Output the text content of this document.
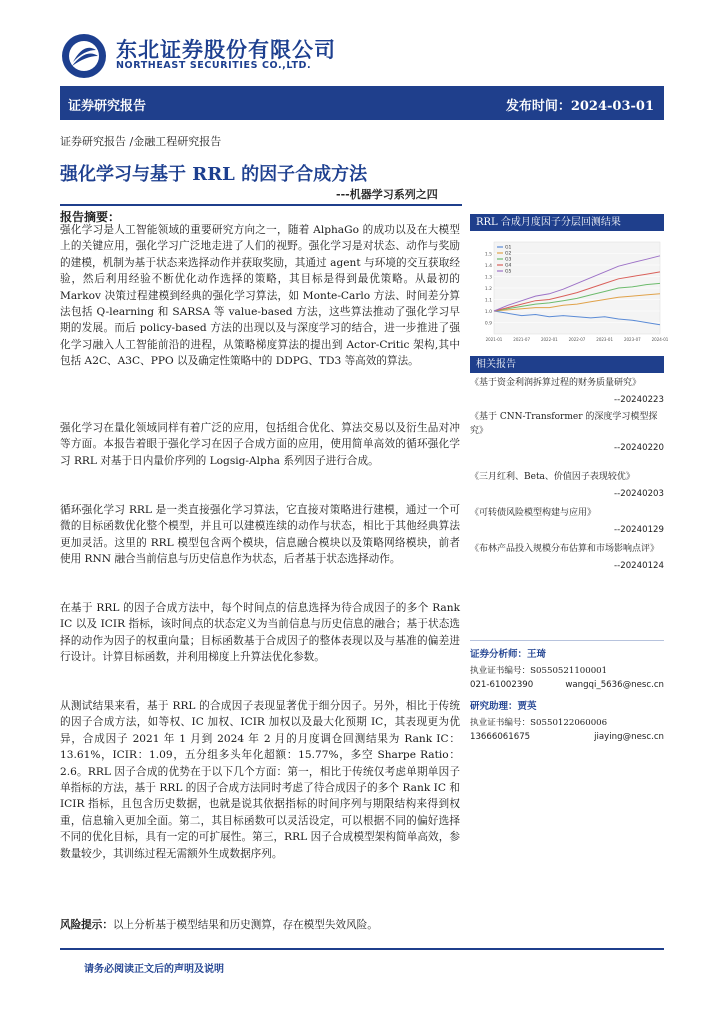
东北证券股份有限公司
NORTHEAST SECURITIES CO.,LTD.
证券研究报告	发布时间：2024-03-01
证券研究报告 /金融工程研究报告
强化学习与基于 RRL 的因子合成方法
---机器学习系列之四
报告摘要：

强化学习是人工智能领域的重要研究方向之一，随着 AlphaGo 的成功以及在大模型上的关键应用，强化学习广泛地走进了人们的视野。强化学习是对状态、动作与奖励的建模，机制为基于状态来选择动作并获取奖励，其通过 agent 与环境的交互获取经验，然后利用经验不断优化动作选择的策略，其目标是得到最优策略。从最初的 Markov 决策过程建模到经典的强化学习算法，如 Monte-Carlo 方法、时间差分算法包括 Q-learning 和 SARSA 等 value-based 方法，这些算法推动了强化学习早期的发展。而后 policy-based 方法的出现以及与深度学习的结合，进一步推进了强化学习融入人工智能前沿的进程，从策略梯度算法的提出到 Actor-Critic 架构,其中包括 A2C、A3C、PPO 以及确定性策略中的 DDPG、TD3 等高效的算法。

强化学习在量化领域同样有着广泛的应用，包括组合优化、算法交易以及衍生品对冲等方面。本报告着眼于强化学习在因子合成方面的应用，使用简单高效的循环强化学习 RRL 对基于日内量价序列的 Logsig-Alpha 系列因子进行合成。

循环强化学习 RRL 是一类直接强化学习算法，它直接对策略进行建模，通过一个可微的目标函数优化整个模型，并且可以建模连续的动作与状态，相比于其他经典算法更加灵活。这里的 RRL 模型包含两个模块，信息融合模块以及策略网络模块，前者使用 RNN 融合当前信息与历史信息作为状态，后者基于状态选择动作。

在基于 RRL 的因子合成方法中，每个时间点的信息选择为待合成因子的多个 Rank IC 以及 ICIR 指标，该时间点的状态定义为当前信息与历史信息的融合；基于状态选择的动作为因子的权重向量；目标函数基于合成因子的整体表现以及与基准的偏差进行设计。计算目标函数，并利用梯度上升算法优化参数。

从测试结果来看，基于 RRL 的合成因子表现显著优于细分因子。另外，相比于传统的因子合成方法，如等权、IC 加权、ICIR 加权以及最大化预期 IC，其表现更为优异，合成因子 2021 年 1 月到 2024 年 2 月的月度调仓回测结果为 Rank IC：13.61%，ICIR：1.09，五分组多头年化超额：15.77%，多空 Sharpe Ratio：2.6。RRL 因子合成的优势在于以下几个方面：第一，相比于传统仅考虑单期单因子单指标的方法，基于 RRL 的因子合成方法同时考虑了待合成因子的多个 Rank IC 和 ICIR 指标，且包含历史数据，也就是说其依据指标的时间序列与期限结构来得到权重，信息输入更加全面。第二，其目标函数可以灵活设定，可以根据不同的偏好选择不同的优化目标，具有一定的可扩展性。第三，RRL 因子合成模型架构简单高效，参数量较少，其训练过程无需额外生成数据序列。

风险提示：以上分析基于模型结果和历史测算，存在模型失效风险。
RRL 合成月度因子分层回测结果
0.9
1.0
1.1
1.2
1.3
1.4
1.5
2021-01	2021-07	2022-01	2022-07	2023-01	2023-07	2024-01
G1
G2
G3
G4
G5
相关报告
《基于资金利润拆算过程的财务质量研究》
--20240223
《基于 CNN-Transformer 的深度学习模型探究》
--20240220
《三月红利、Beta、价值因子表现较优》
--20240203
《可转债风险模型构建与应用》
--20240129
《布林产品投入规模分布估算和市场影响点评》
--20240124
证券分析师：王琦
执业证书编号：S0550521100001
021-61002390	wangqi_5636@nesc.cn
研究助理：贾英
执业证书编号：S0550122060006
13666061675	jiaying@nesc.cn
请务必阅读正文后的声明及说明
